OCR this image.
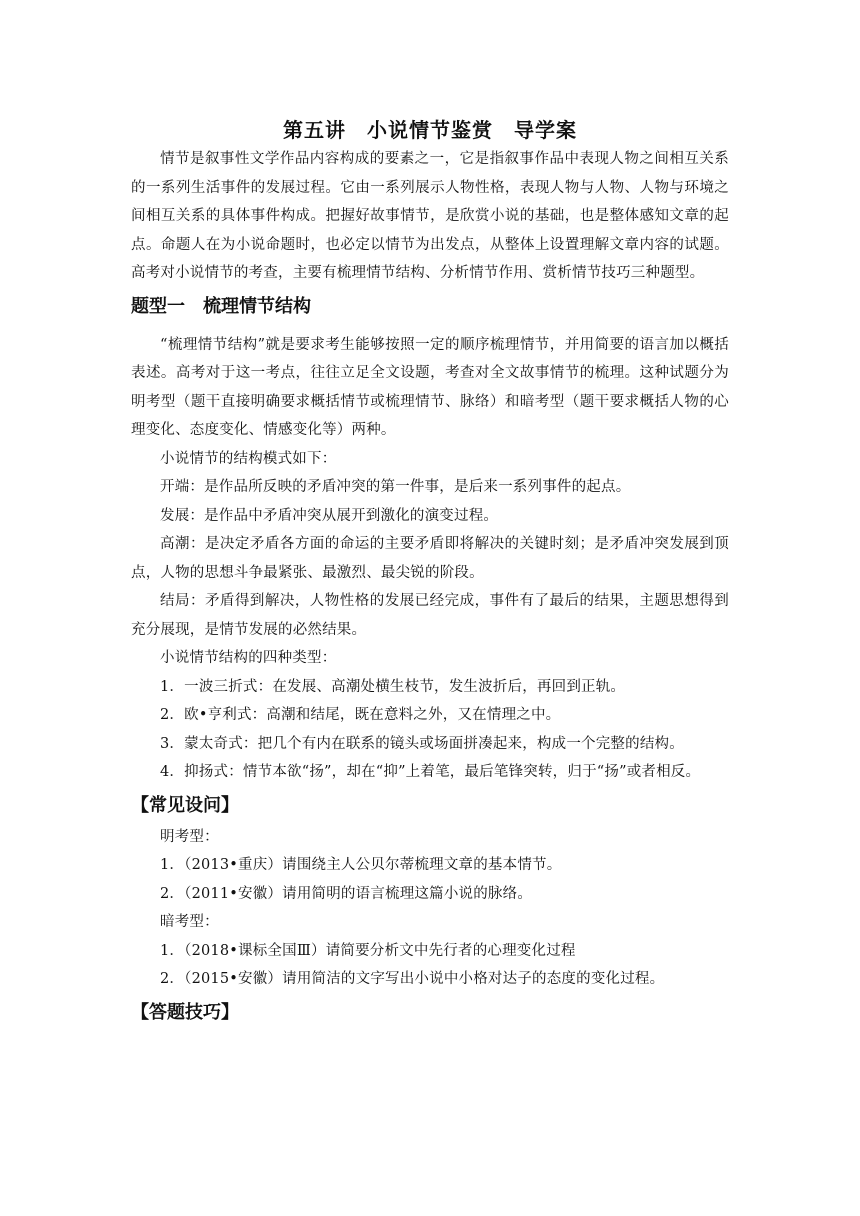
第五讲　小说情节鉴赏　导学案

情节是叙事性文学作品内容构成的要素之一，它是指叙事作品中表现人物之间相互关系的一系列生活事件的发展过程。它由一系列展示人物性格，表现人物与人物、人物与环境之间相互关系的具体事件构成。把握好故事情节，是欣赏小说的基础，也是整体感知文章的起点。命题人在为小说命题时，也必定以情节为出发点，从整体上设置理解文章内容的试题。高考对小说情节的考查，主要有梳理情节结构、分析情节作用、赏析情节技巧三种题型。

题型一　梳理情节结构

“梳理情节结构”就是要求考生能够按照一定的顺序梳理情节，并用简要的语言加以概括表述。高考对于这一考点，往往立足全文设题，考查对全文故事情节的梳理。这种试题分为明考型（题干直接明确要求概括情节或梳理情节、脉络）和暗考型（题干要求概括人物的心理变化、态度变化、情感变化等）两种。

小说情节的结构模式如下：

开端：是作品所反映的矛盾冲突的第一件事，是后来一系列事件的起点。

发展：是作品中矛盾冲突从展开到激化的演变过程。

高潮：是决定矛盾各方面的命运的主要矛盾即将解决的关键时刻；是矛盾冲突发展到顶点，人物的思想斗争最紧张、最激烈、最尖锐的阶段。

结局：矛盾得到解决，人物性格的发展已经完成，事件有了最后的结果，主题思想得到充分展现，是情节发展的必然结果。

小说情节结构的四种类型：

1．一波三折式：在发展、高潮处横生枝节，发生波折后，再回到正轨。

2．欧•亨利式：高潮和结尾，既在意料之外，又在情理之中。

3．蒙太奇式：把几个有内在联系的镜头或场面拼凑起来，构成一个完整的结构。

4．抑扬式：情节本欲“扬”，却在“抑”上着笔，最后笔锋突转，归于“扬”或者相反。

【常见设问】

明考型：

1．（2013•重庆）请围绕主人公贝尔蒂梳理文章的基本情节。

2．（2011•安徽）请用简明的语言梳理这篇小说的脉络。

暗考型：

1．（2018•课标全国Ⅲ）请简要分析文中先行者的心理变化过程

2．（2015•安徽）请用简洁的文字写出小说中小格对达子的态度的变化过程。

【答题技巧】
